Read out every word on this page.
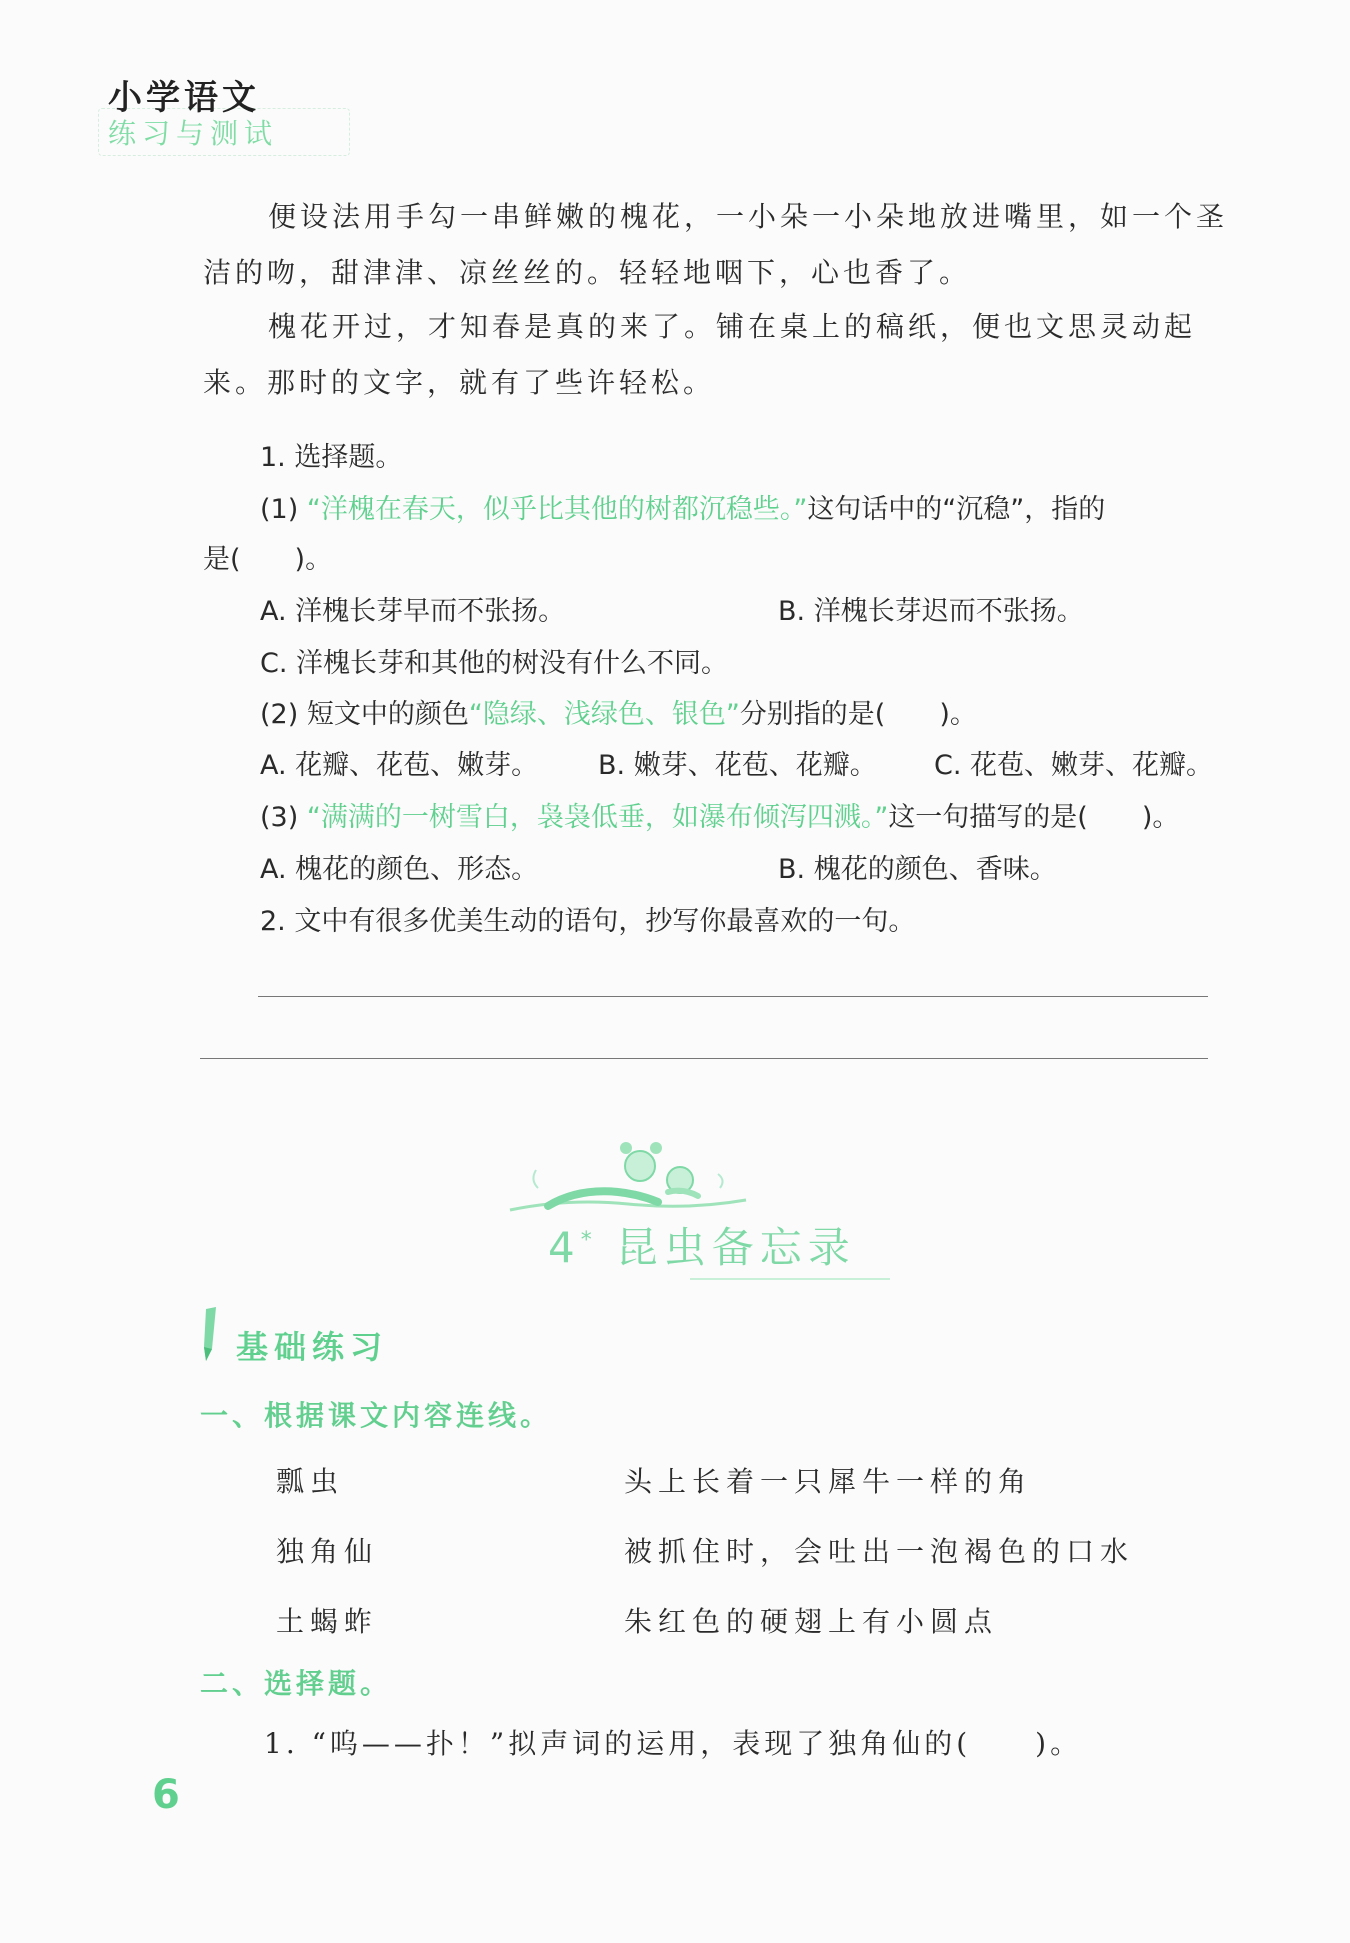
小学语文
练习与测试
便设法用手勾一串鲜嫩的槐花，一小朵一小朵地放进嘴里，如一个圣
洁的吻，甜津津、凉丝丝的。轻轻地咽下，心也香了。
槐花开过，才知春是真的来了。铺在桌上的稿纸，便也文思灵动起
来。那时的文字，就有了些许轻松。
1. 选择题。
(1) “洋槐在春天，似乎比其他的树都沉稳些。”这句话中的“沉稳”，指的
是(　　)。
A. 洋槐长芽早而不张扬。	B. 洋槐长芽迟而不张扬。
C. 洋槐长芽和其他的树没有什么不同。
(2) 短文中的颜色“隐绿、浅绿色、银色”分别指的是(　　)。
A. 花瓣、花苞、嫩芽。 B. 嫩芽、花苞、花瓣。 C. 花苞、嫩芽、花瓣。
(3) “满满的一树雪白，袅袅低垂，如瀑布倾泻四溅。”这一句描写的是(　　)。
A. 槐花的颜色、形态。	B. 槐花的颜色、香味。
2. 文中有很多优美生动的语句，抄写你最喜欢的一句。
4* 昆虫备忘录
基础练习
一、根据课文内容连线。
瓢虫
独角仙
土蝎蚱
头上长着一只犀牛一样的角
被抓住时，会吐出一泡褐色的口水
朱红色的硬翅上有小圆点
二、选择题。
1. “呜——扑！”拟声词的运用，表现了独角仙的(　　)。
6
